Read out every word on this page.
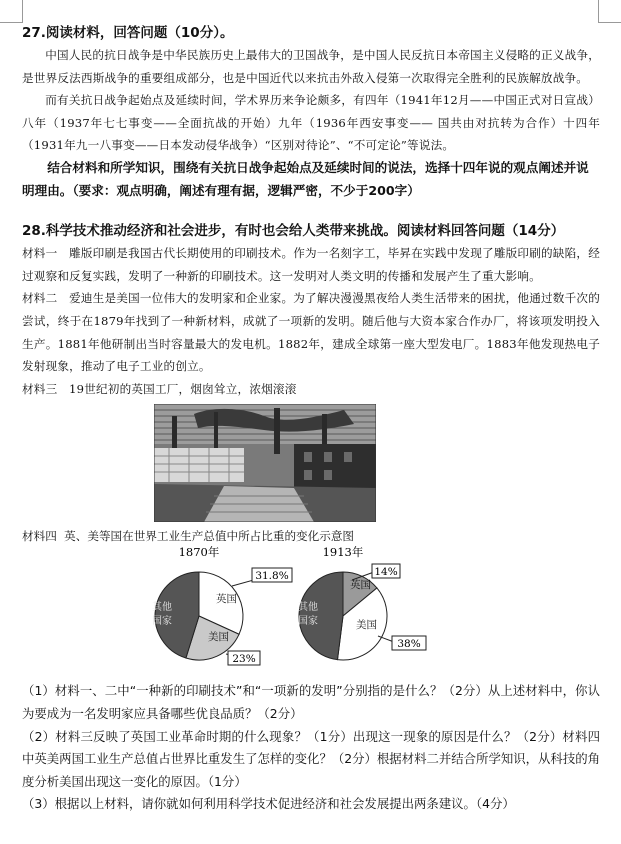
27.阅读材料，回答问题（10分）。

中国人民的抗日战争是中华民族历史上最伟大的卫国战争，是中国人民反抗日本帝国主义侵略的正义战争，是世界反法西斯战争的重要组成部分，也是中国近代以来抗击外敌入侵第一次取得完全胜利的民族解放战争。

而有关抗日战争起始点及延续时间，学术界历来争论颇多，有四年（1941年12月——中国正式对日宣战）八年（1937年七七事变——全面抗战的开始）九年（1936年西安事变—— 国共由对抗转为合作）十四年（1931年九一八事变——日本发动侵华战争）“区别对待论”、“不可定论”等说法。

结合材料和所学知识，围绕有关抗日战争起始点及延续时间的说法，选择十四年说的观点阐述并说明理由。（要求：观点明确，阐述有理有据，逻辑严密，不少于200字）

28.科学技术推动经济和社会进步，有时也会给人类带来挑战。阅读材料回答问题（14分）

材料一 雕版印刷是我国古代长期使用的印刷技术。作为一名刻字工，毕昇在实践中发现了雕版印刷的缺陷，经过观察和反复实践，发明了一种新的印刷技术。这一发明对人类文明的传播和发展产生了重大影响。

材料二 爱迪生是美国一位伟大的发明家和企业家。为了解决漫漫黑夜给人类生活带来的困扰，他通过数千次的尝试，终于在1879年找到了一种新材料，成就了一项新的发明。随后他与大资本家合作办厂，将该项发明投入生产。1881年他研制出当时容量最大的发电机。1882年，建成全球第一座大型发电厂。1883年他发现热电子发射现象，推动了电子工业的创立。

材料三 19世纪初的英国工厂，烟囱耸立，浓烟滚滚

材料四 英、美等国在世界工业生产总值中所占比重的变化示意图

1870年
英国
美国
其他
国家
31.8%
23%
1913年
英国
美国
其他
国家
14%
38%

（1）材料一、二中“一种新的印刷技术”和“一项新的发明”分别指的是什么？（2分）从上述材料中，你认为要成为一名发明家应具备哪些优良品质？（2分）

（2）材料三反映了英国工业革命时期的什么现象？（1分）出现这一现象的原因是什么？（2分）材料四中英美两国工业生产总值占世界比重发生了怎样的变化？（2分）根据材料二并结合所学知识，从科技的角度分析美国出现这一变化的原因。（1分）

（3）根据以上材料，请你就如何利用科学技术促进经济和社会发展提出两条建议。（4分）
